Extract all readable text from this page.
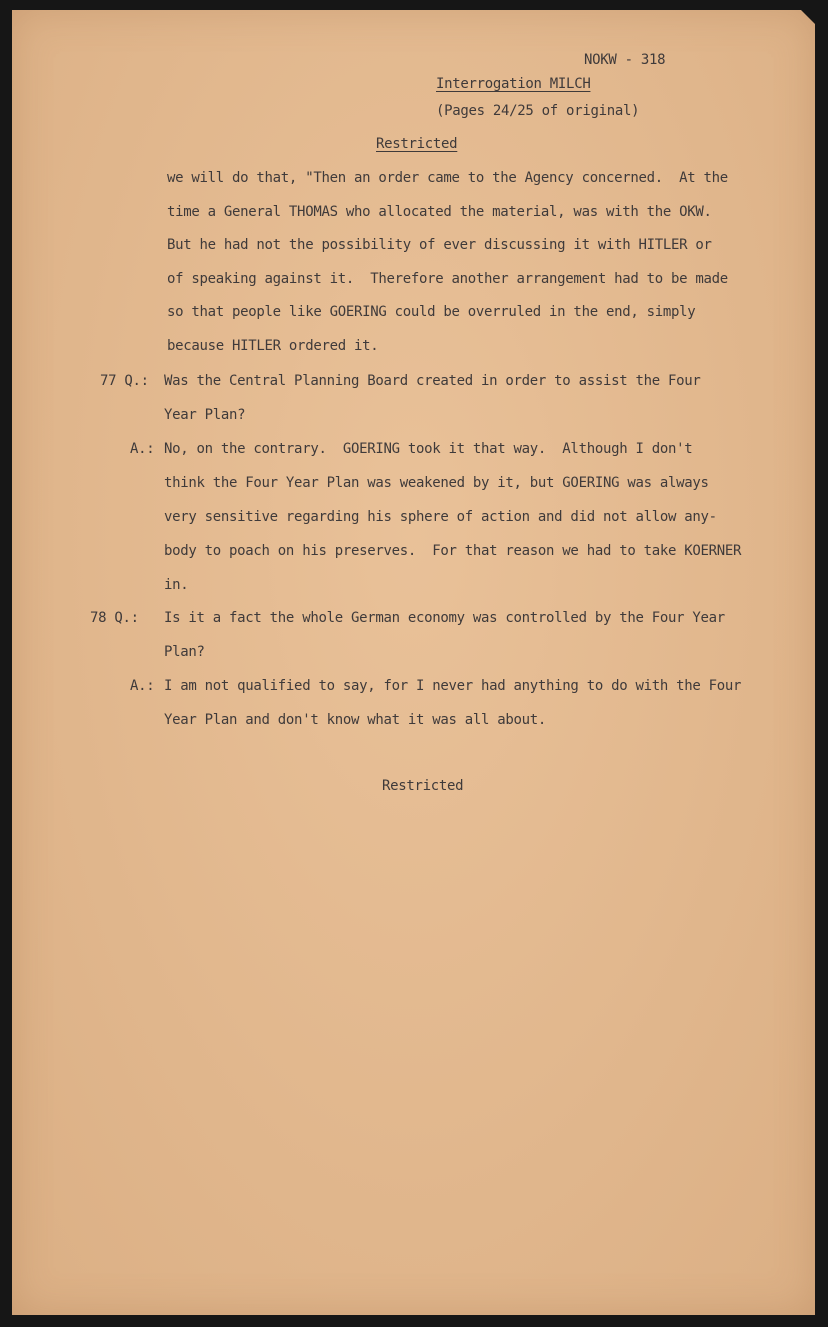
NOKW - 318
Interrogation MILCH
(Pages 24/25 of original)
Restricted
we will do that, "Then an order came to the Agency concerned.  At the
time a General THOMAS who allocated the material, was with the OKW.
But he had not the possibility of ever discussing it with HITLER or
of speaking against it.  Therefore another arrangement had to be made
so that people like GOERING could be overruled in the end, simply
because HITLER ordered it.
77 Q.: Was the Central Planning Board created in order to assist the Four
Year Plan?
A.: No, on the contrary.  GOERING took it that way.  Although I don't
think the Four Year Plan was weakened by it, but GOERING was always
very sensitive regarding his sphere of action and did not allow any-
body to poach on his preserves.  For that reason we had to take KOERNER
in.
78 Q.: Is it a fact the whole German economy was controlled by the Four Year
Plan?
A.: I am not qualified to say, for I never had anything to do with the Four
Year Plan and don't know what it was all about.
Restricted
